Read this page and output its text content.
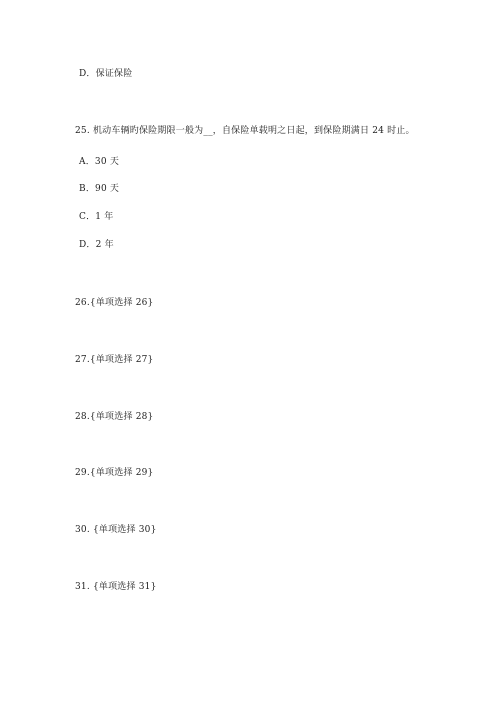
D．保证保险
25. 机动车辆旳保险期限一般为__，自保险单载明之日起，到保险期满日 24 时止。
A．30 天
B．90 天
C．1 年
D．2 年
26.{单项选择 26}
27.{单项选择 27}
28.{单项选择 28}
29.{单项选择 29}
30. {单项选择 30}
31. {单项选择 31}
